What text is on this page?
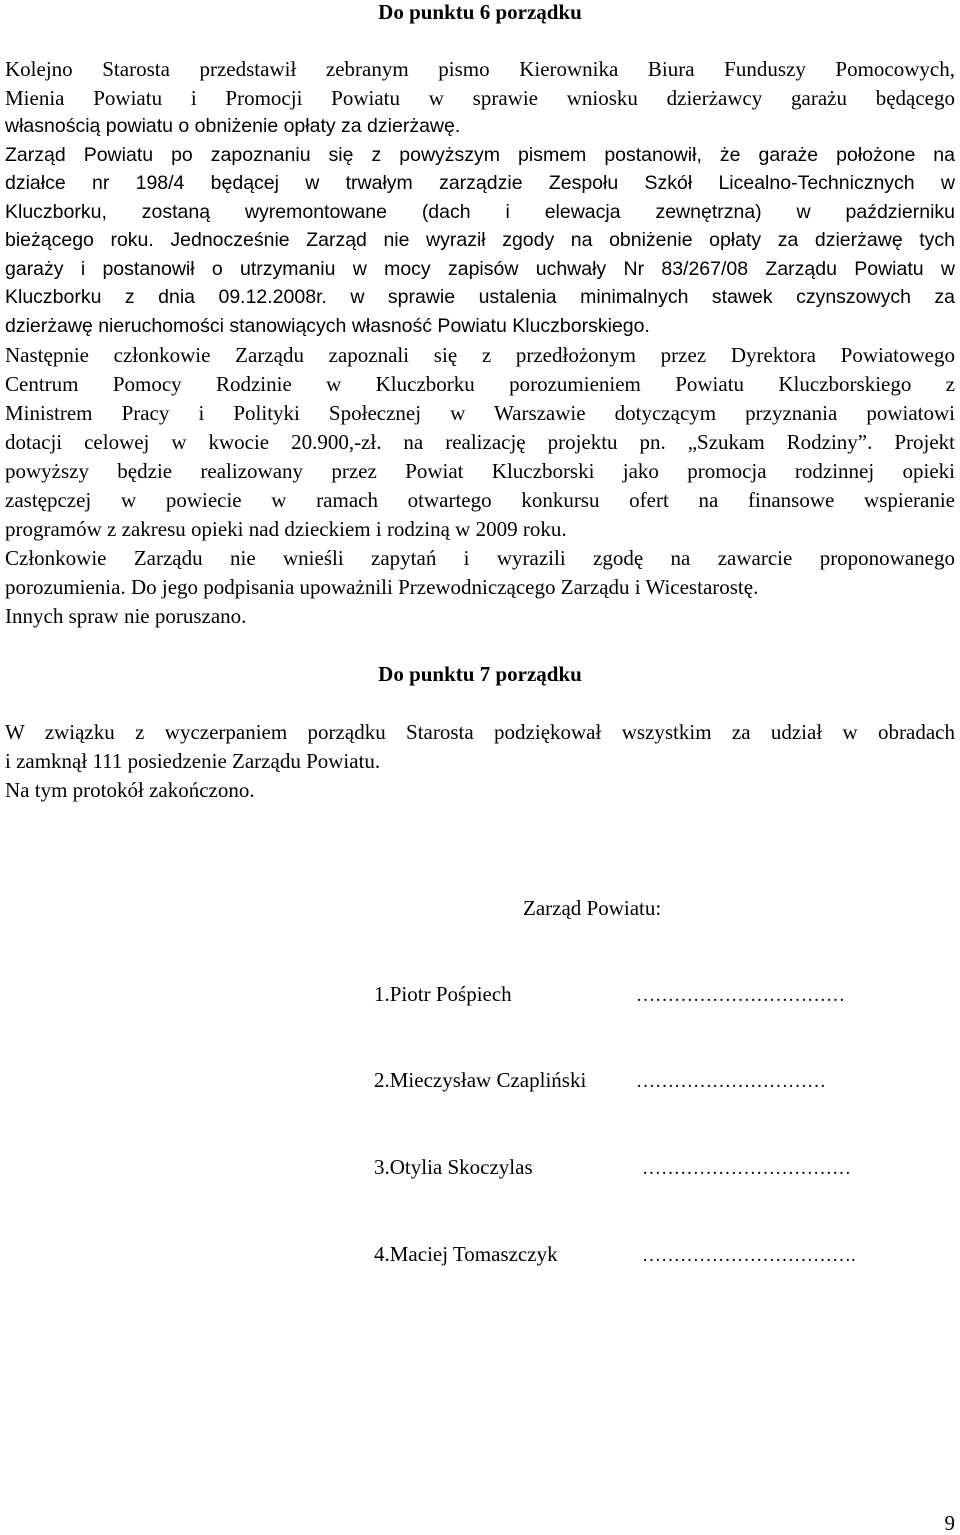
Do punktu 6 porządku

Kolejno Starosta przedstawił zebranym pismo Kierownika Biura Funduszy Pomocowych,

Mienia Powiatu i Promocji Powiatu w sprawie wniosku dzierżawcy garażu będącego

własnością powiatu o obniżenie opłaty za dzierżawę.

Zarząd Powiatu po zapoznaniu się z powyższym pismem postanowił, że garaże położone na

działce nr 198/4 będącej w trwałym zarządzie Zespołu Szkół Licealno-Technicznych w

Kluczborku, zostaną wyremontowane (dach i elewacja zewnętrzna) w październiku

bieżącego roku. Jednocześnie Zarząd nie wyraził zgody na obniżenie opłaty za dzierżawę tych

garaży i postanowił o utrzymaniu w mocy zapisów uchwały Nr 83/267/08 Zarządu Powiatu w

Kluczborku z dnia 09.12.2008r. w sprawie ustalenia minimalnych stawek czynszowych za

dzierżawę nieruchomości stanowiących własność Powiatu Kluczborskiego.

Następnie członkowie Zarządu zapoznali się z przedłożonym przez Dyrektora Powiatowego

Centrum Pomocy Rodzinie w Kluczborku porozumieniem Powiatu Kluczborskiego z

Ministrem Pracy i Polityki Społecznej w Warszawie dotyczącym przyznania powiatowi

dotacji celowej w kwocie 20.900,-zł. na realizację projektu pn. „Szukam Rodziny”. Projekt

powyższy będzie realizowany przez Powiat Kluczborski jako promocja rodzinnej opieki

zastępczej w powiecie w ramach otwartego konkursu ofert na finansowe wspieranie

programów z zakresu opieki nad dzieckiem i rodziną w 2009 roku.

Członkowie Zarządu nie wnieśli zapytań i wyrazili zgodę na zawarcie proponowanego

porozumienia. Do jego podpisania upoważnili Przewodniczącego Zarządu i Wicestarostę.

Innych spraw nie poruszano.

Do punktu 7 porządku

W związku z wyczerpaniem porządku Starosta podziękował wszystkim za udział w obradach

i zamknął 111 posiedzenie Zarządu Powiatu.

Na tym protokół zakończono.

Zarząd Powiatu:
1.Piotr Pośpiech	……………………………
2.Mieczysław Czapliński	…………………………
3.Otylia Skoczylas	……………………………
4.Maciej Tomaszczyk	…………………………….
9
